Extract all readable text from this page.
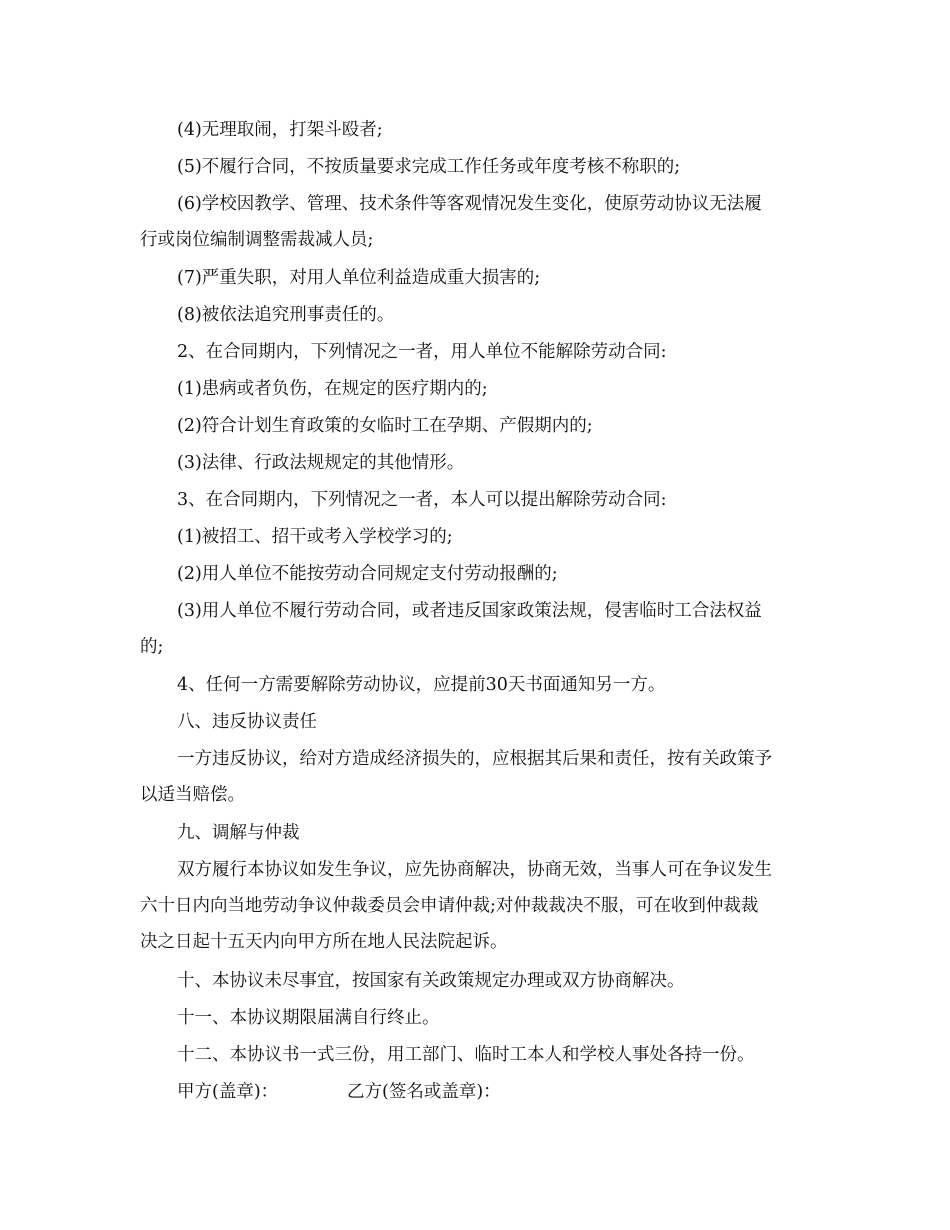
(4)无理取闹，打架斗殴者;
(5)不履行合同，不按质量要求完成工作任务或年度考核不称职的;
(6)学校因教学、管理、技术条件等客观情况发生变化，使原劳动协议无法履
行或岗位编制调整需裁减人员;
(7)严重失职，对用人单位利益造成重大损害的;
(8)被依法追究刑事责任的。
2、在合同期内，下列情况之一者，用人单位不能解除劳动合同:
(1)患病或者负伤，在规定的医疗期内的;
(2)符合计划生育政策的女临时工在孕期、产假期内的;
(3)法律、行政法规规定的其他情形。
3、在合同期内，下列情况之一者，本人可以提出解除劳动合同:
(1)被招工、招干或考入学校学习的;
(2)用人单位不能按劳动合同规定支付劳动报酬的;
(3)用人单位不履行劳动合同，或者违反国家政策法规，侵害临时工合法权益
的;
4、任何一方需要解除劳动协议，应提前30天书面通知另一方。
八、违反协议责任
一方违反协议，给对方造成经济损失的，应根据其后果和责任，按有关政策予
以适当赔偿。
九、调解与仲裁
双方履行本协议如发生争议，应先协商解决，协商无效，当事人可在争议发生
六十日内向当地劳动争议仲裁委员会申请仲裁;对仲裁裁决不服，可在收到仲裁裁
决之日起十五天内向甲方所在地人民法院起诉。
十、本协议未尽事宜，按国家有关政策规定办理或双方协商解决。
十一、本协议期限届满自行终止。
十二、本协议书一式三份，用工部门、临时工本人和学校人事处各持一份。
甲方(盖章)：	乙方(签名或盖章)：
